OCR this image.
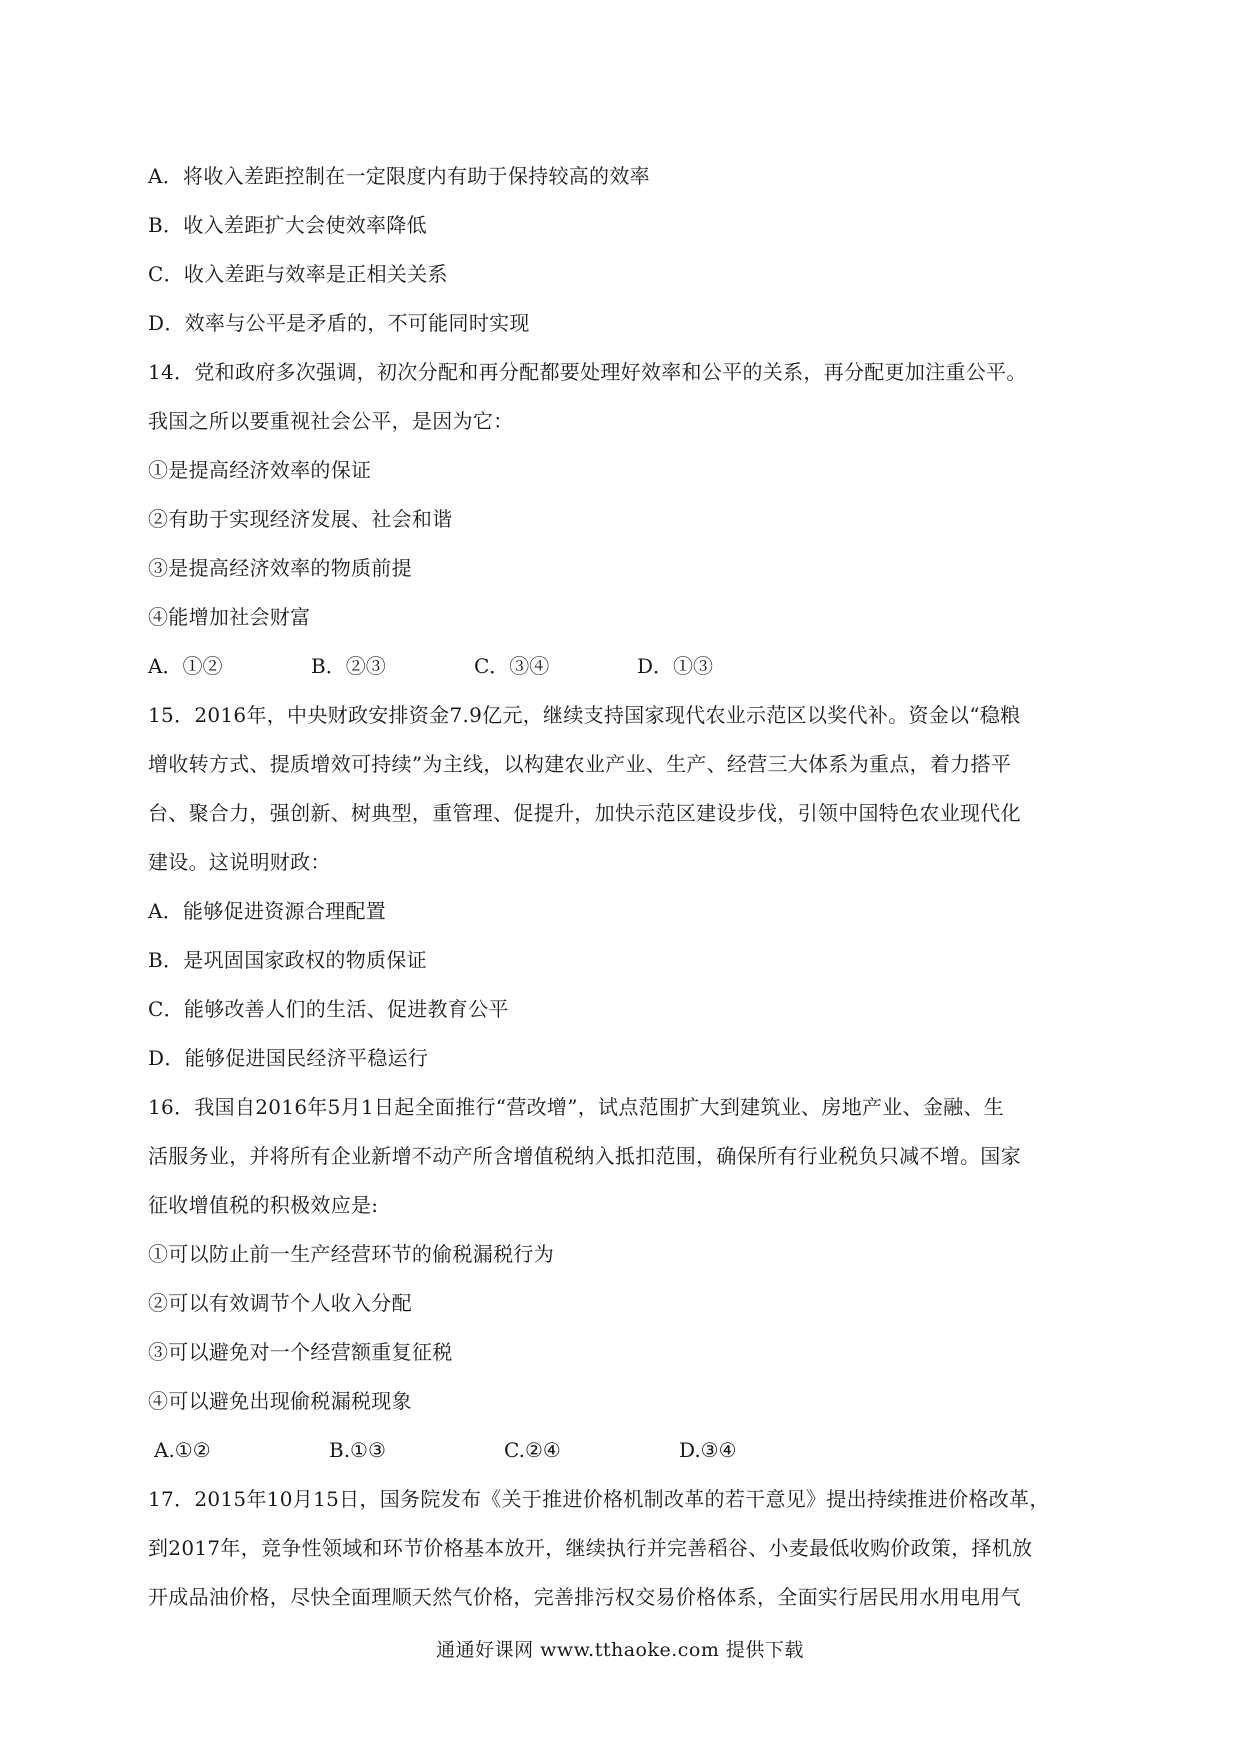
A．将收入差距控制在一定限度内有助于保持较高的效率
B．收入差距扩大会使效率降低
C．收入差距与效率是正相关关系
D．效率与公平是矛盾的，不可能同时实现
14．党和政府多次强调，初次分配和再分配都要处理好效率和公平的关系，再分配更加注重公平。
我国之所以要重视社会公平，是因为它：
①是提高经济效率的保证
②有助于实现经济发展、社会和谐
③是提高经济效率的物质前提
④能增加社会财富
A．①②	B．②③	C．③④	D．①③
15．2016年，中央财政安排资金7.9亿元，继续支持国家现代农业示范区以奖代补。资金以“稳粮
增收转方式、提质增效可持续”为主线，以构建农业产业、生产、经营三大体系为重点，着力搭平
台、聚合力，强创新、树典型，重管理、促提升，加快示范区建设步伐，引领中国特色农业现代化
建设。这说明财政：
A．能够促进资源合理配置
B．是巩固国家政权的物质保证
C．能够改善人们的生活、促进教育公平
D．能够促进国民经济平稳运行
16．我国自2016年5月1日起全面推行“营改增”，试点范围扩大到建筑业、房地产业、金融、生
活服务业，并将所有企业新增不动产所含增值税纳入抵扣范围，确保所有行业税负只减不增。国家
征收增值税的积极效应是:
①可以防止前一生产经营环节的偷税漏税行为
②可以有效调节个人收入分配
③可以避免对一个经营额重复征税
④可以避免出现偷税漏税现象
A.①②	B.①③	C.②④	D.③④
17．2015年10月15日，国务院发布《关于推进价格机制改革的若干意见》提出持续推进价格改革，
到2017年，竞争性领域和环节价格基本放开，继续执行并完善稻谷、小麦最低收购价政策，择机放
开成品油价格，尽快全面理顺天然气价格，完善排污权交易价格体系，全面实行居民用水用电用气
通通好课网 www.tthaoke.com 提供下载
